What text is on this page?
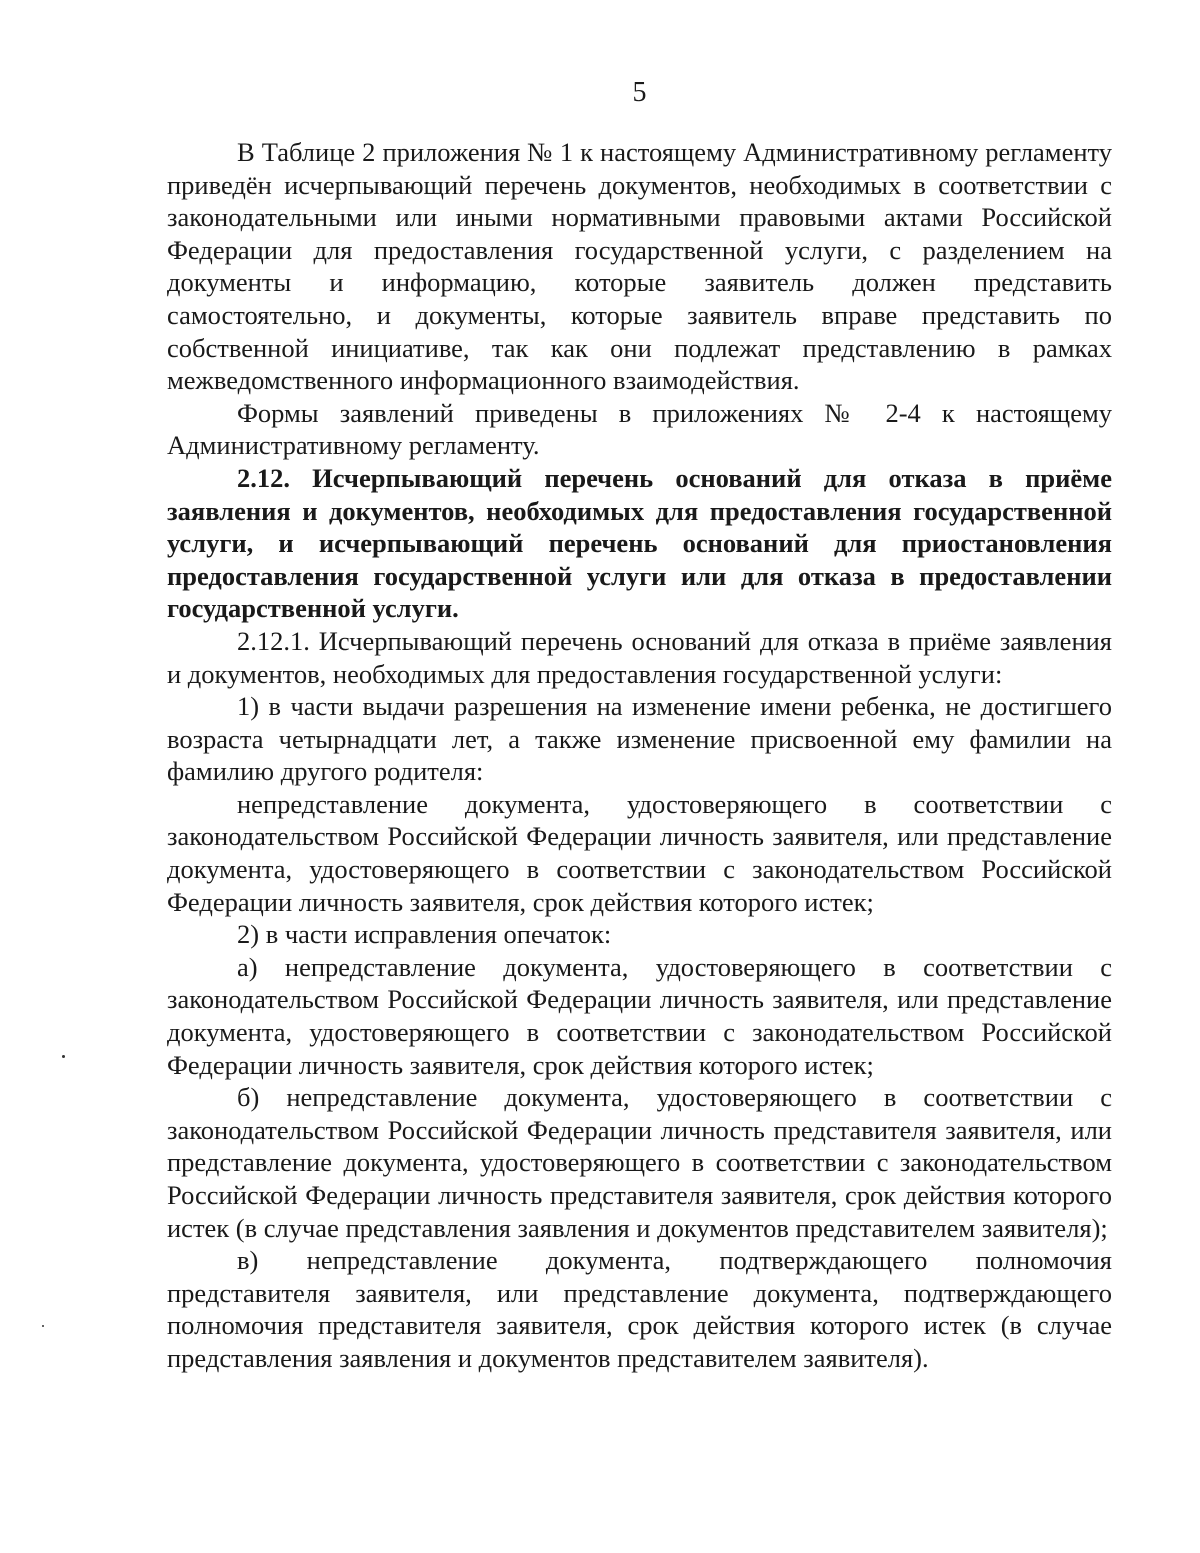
5

В Таблице 2 приложения № 1 к настоящему Административному регламенту приведён исчерпывающий перечень документов, необходимых в соответствии с законодательными или иными нормативными правовыми актами Российской Федерации для предоставления государственной услуги, с разделением на документы и информацию, которые заявитель должен представить самостоятельно, и документы, которые заявитель вправе представить по собственной инициативе, так как они подлежат представлению в рамках межведомственного информационного взаимодействия.

Формы заявлений приведены в приложениях № 2-4 к настоящему Административному регламенту.

2.12. Исчерпывающий перечень оснований для отказа в приёме заявления и документов, необходимых для предоставления государственной услуги, и исчерпывающий перечень оснований для приостановления предоставления государственной услуги или для отказа в предоставлении государственной услуги.

2.12.1. Исчерпывающий перечень оснований для отказа в приёме заявления и документов, необходимых для предоставления государственной услуги:

1) в части выдачи разрешения на изменение имени ребенка, не достигшего возраста четырнадцати лет, а также изменение присвоенной ему фамилии на фамилию другого родителя:

непредставление документа, удостоверяющего в соответствии с законодательством Российской Федерации личность заявителя, или представление документа, удостоверяющего в соответствии с законодательством Российской Федерации личность заявителя, срок действия которого истек;

2) в части исправления опечаток:

а) непредставление документа, удостоверяющего в соответствии с законодательством Российской Федерации личность заявителя, или представление документа, удостоверяющего в соответствии с законодательством Российской Федерации личность заявителя, срок действия которого истек;

б) непредставление документа, удостоверяющего в соответствии с законодательством Российской Федерации личность представителя заявителя, или представление документа, удостоверяющего в соответствии с законодательством Российской Федерации личность представителя заявителя, срок действия которого истек (в случае представления заявления и документов представителем заявителя);

в) непредставление документа, подтверждающего полномочия представителя заявителя, или представление документа, подтверждающего полномочия представителя заявителя, срок действия которого истек (в случае представления заявления и документов представителем заявителя).
